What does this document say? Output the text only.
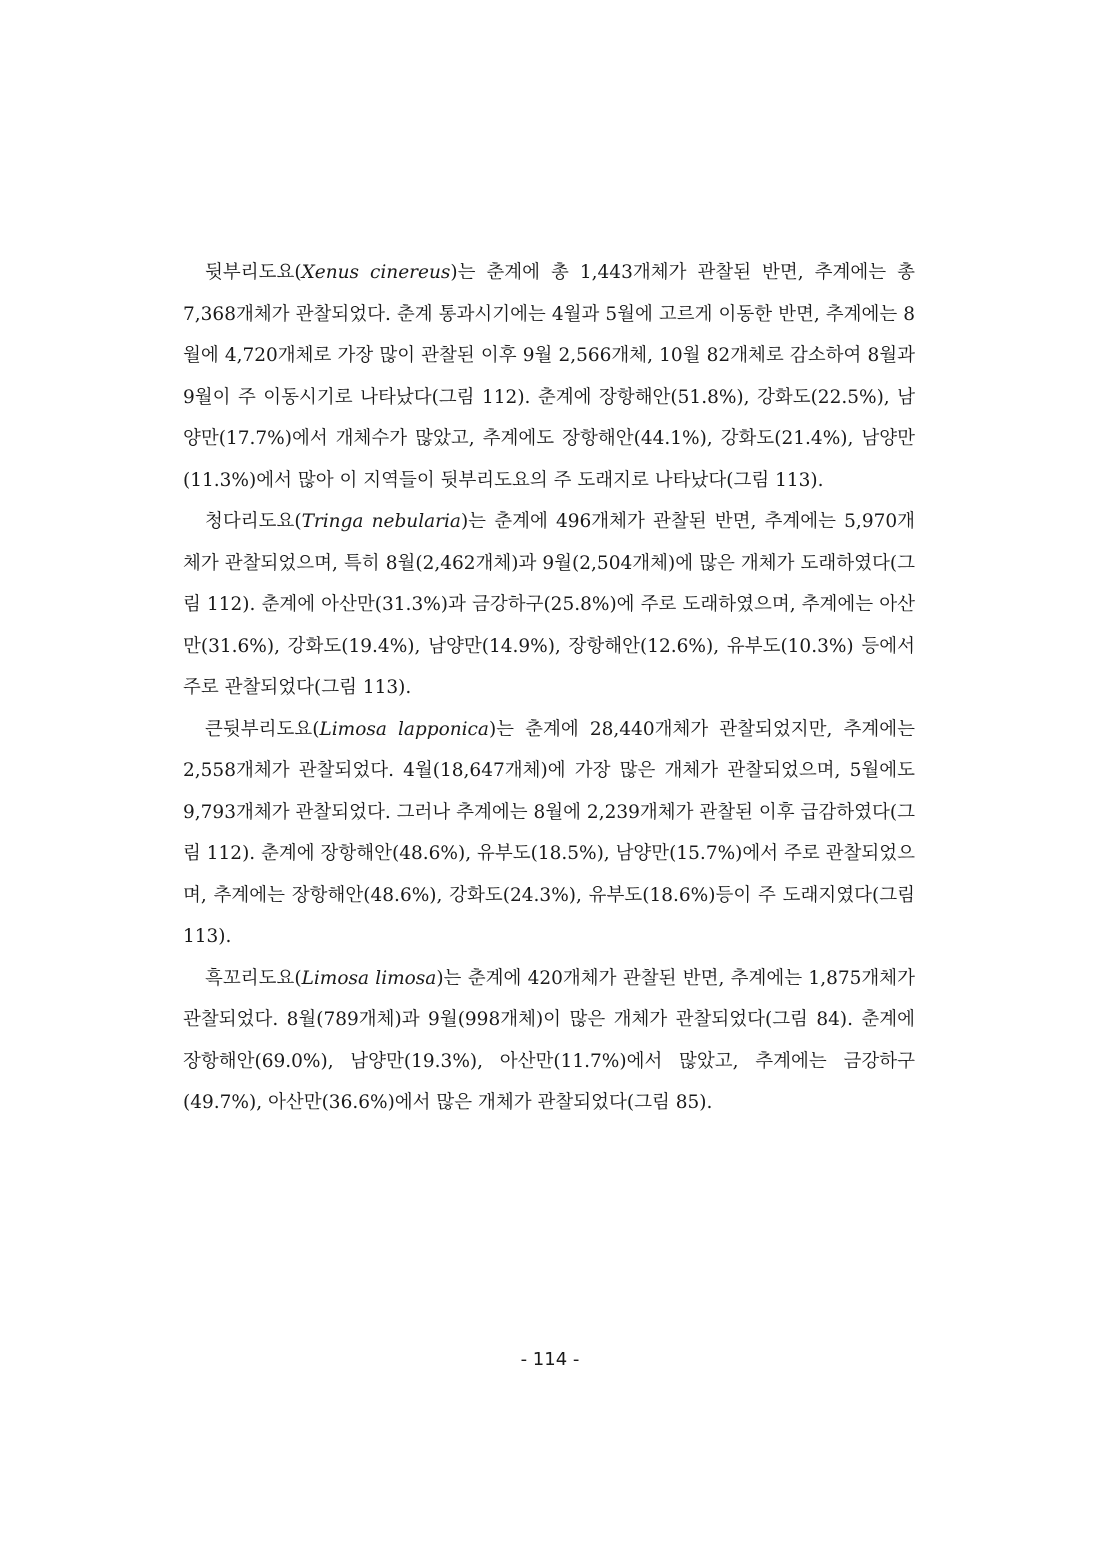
뒷부리도요(Xenus cinereus)는 춘계에 총 1,443개체가 관찰된 반면, 추계에는 총 7,368개체가 관찰되었다. 춘계 통과시기에는 4월과 5월에 고르게 이동한 반면, 추계에는 8월에 4,720개체로 가장 많이 관찰된 이후 9월 2,566개체, 10월 82개체로 감소하여 8월과 9월이 주 이동시기로 나타났다(그림 112). 춘계에 장항해안(51.8%), 강화도(22.5%), 남양만(17.7%)에서 개체수가 많았고, 추계에도 장항해안(44.1%), 강화도(21.4%), 남양만(11.3%)에서 많아 이 지역들이 뒷부리도요의 주 도래지로 나타났다(그림 113).

청다리도요(Tringa nebularia)는 춘계에 496개체가 관찰된 반면, 추계에는 5,970개체가 관찰되었으며, 특히 8월(2,462개체)과 9월(2,504개체)에 많은 개체가 도래하였다(그림 112). 춘계에 아산만(31.3%)과 금강하구(25.8%)에 주로 도래하였으며, 추계에는 아산만(31.6%), 강화도(19.4%), 남양만(14.9%), 장항해안(12.6%), 유부도(10.3%) 등에서 주로 관찰되었다(그림 113).

큰뒷부리도요(Limosa lapponica)는 춘계에 28,440개체가 관찰되었지만, 추계에는 2,558개체가 관찰되었다. 4월(18,647개체)에 가장 많은 개체가 관찰되었으며, 5월에도 9,793개체가 관찰되었다. 그러나 추계에는 8월에 2,239개체가 관찰된 이후 급감하였다(그림 112). 춘계에 장항해안(48.6%), 유부도(18.5%), 남양만(15.7%)에서 주로 관찰되었으며, 추계에는 장항해안(48.6%), 강화도(24.3%), 유부도(18.6%)등이 주 도래지였다(그림 113).

흑꼬리도요(Limosa limosa)는 춘계에 420개체가 관찰된 반면, 추계에는 1,875개체가 관찰되었다. 8월(789개체)과 9월(998개체)이 많은 개체가 관찰되었다(그림 84). 춘계에 장항해안(69.0%), 남양만(19.3%), 아산만(11.7%)에서 많았고, 추계에는 금강하구(49.7%), 아산만(36.6%)에서 많은 개체가 관찰되었다(그림 85).

- 114 -
